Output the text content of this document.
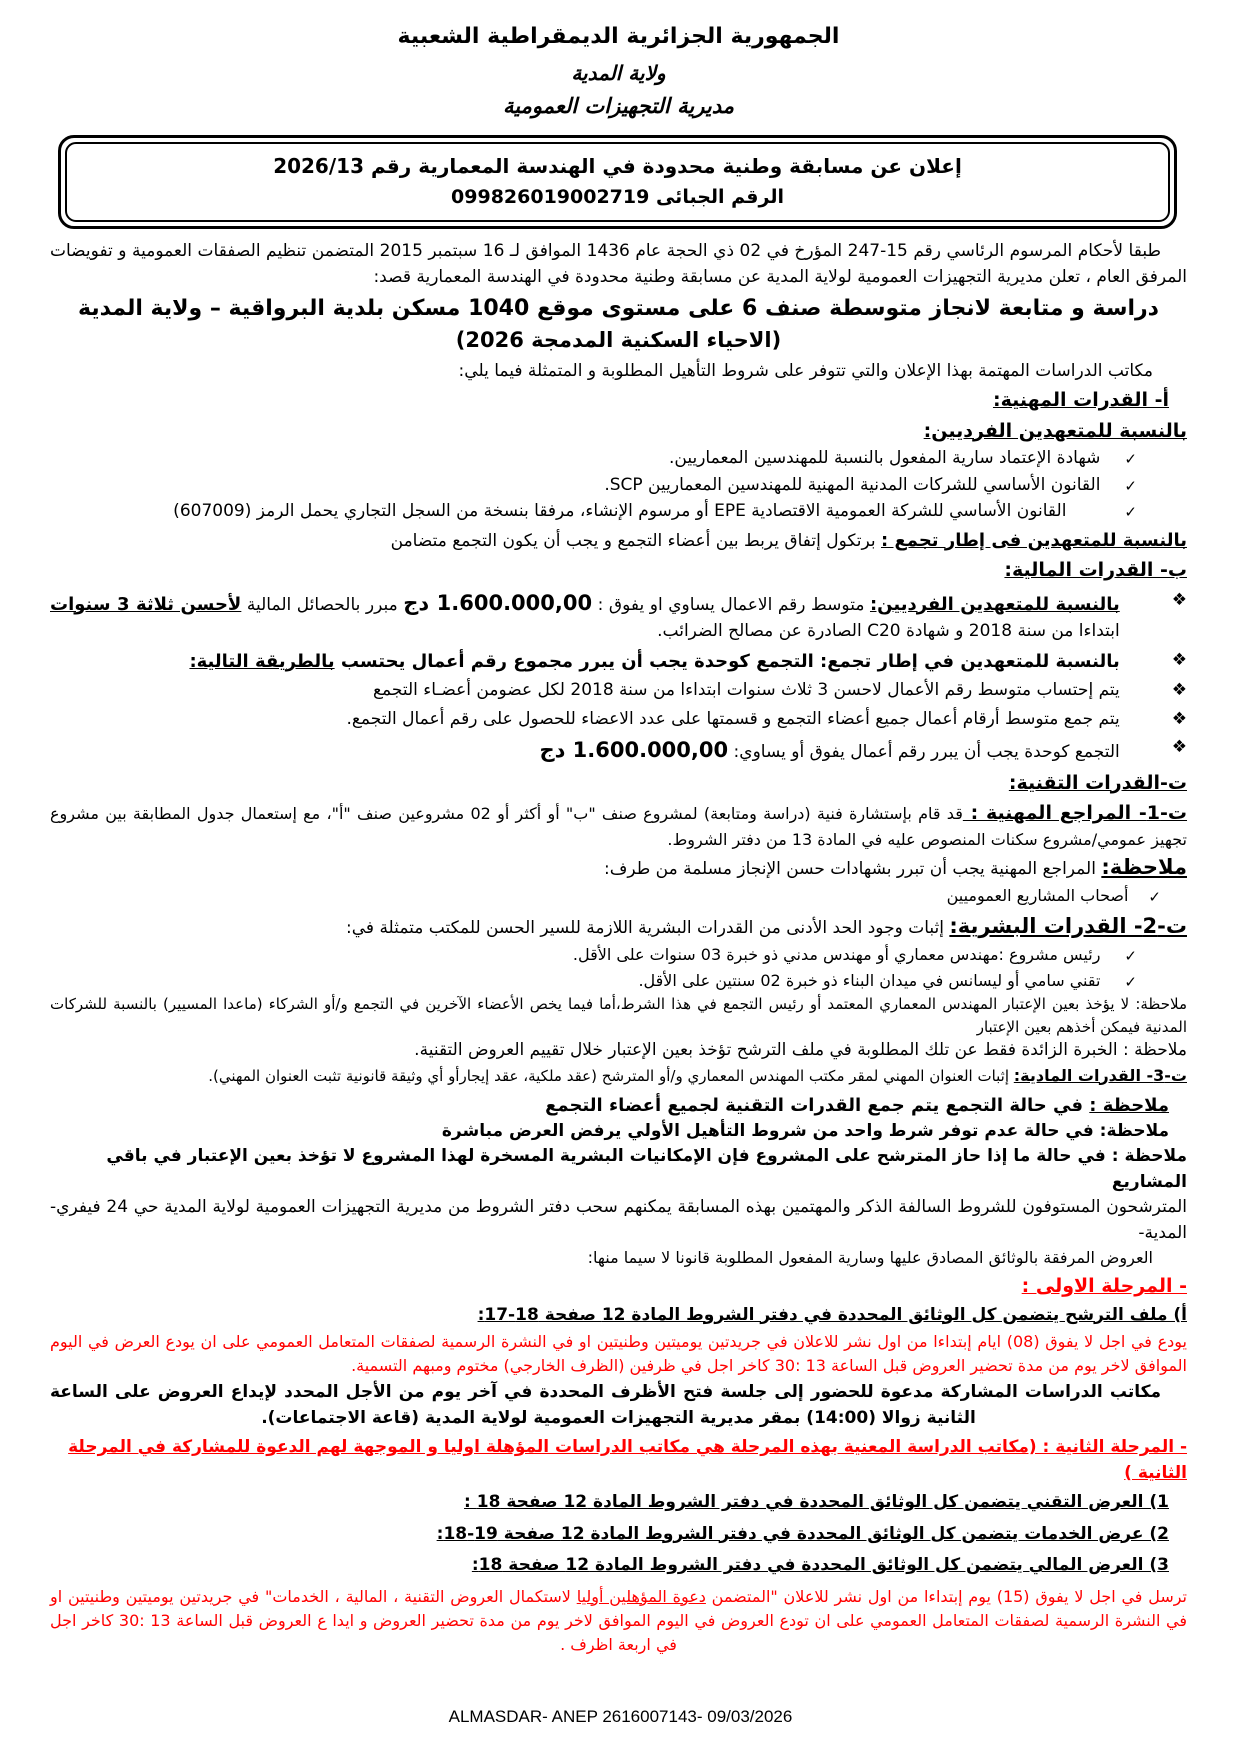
الجمهورية الجزائرية الديمقراطية الشعبية
ولاية المدية
مديرية التجهيزات العمومية
إعلان عن مسابقة وطنية محدودة في الهندسة المعمارية رقم 2026/13
الرقم الجبائى 099826019002719

طبقا لأحكام المرسوم الرئاسي رقم 15-247 المؤرخ في 02 ذي الحجة عام 1436 الموافق لـ 16 سبتمبر 2015 المتضمن تنظيم الصفقات العمومية و تفويضات المرفق العام ، تعلن مديرية التجهيزات العمومية لولاية المدية عن مسابقة وطنية محدودة في الهندسة المعمارية قصد:

دراسة و متابعة لانجاز متوسطة صنف 6 على مستوى موقع 1040 مسكن بلدية البرواقية – ولاية المدية
(الاحياء السكنية المدمجة 2026)

مكاتب الدراسات المهتمة بهذا الإعلان والتي تتوفر على شروط التأهيل المطلوبة و المتمثلة فيما يلي:

أ- القدرات المهنية:
بالنسبة للمتعهدين الفرديين:
✓
شهادة الإعتماد سارية المفعول بالنسبة للمهندسين المعماريين.
✓
القانون الأساسي للشركات المدنية المهنية للمهندسين المعماريين SCP.
✓
القانون الأساسي للشركة العمومية الاقتصادية EPE أو مرسوم الإنشاء، مرفقا بنسخة من السجل التجاري يحمل الرمز (607009)

بالنسبة للمتعهدين فى إطار تجمع : برتكول إتفاق يربط بين أعضاء التجمع و يجب أن يكون التجمع متضامن

ب- القدرات المالية:
❖
بالنسبة للمتعهدين الفرديين: متوسط رقم الاعمال يساوي او يفوق : 1.600.000,00 دج مبرر بالحصائل المالية لأحسن ثلاثة 3 سنوات ابتداءا من سنة 2018 و شهادة C20 الصادرة عن مصالح الضرائب.
❖
بالنسبة للمتعهدين في إطار تجمع: التجمع كوحدة يجب أن يبرر مجموع رقم أعمال يحتسب بالطريقة التالية:
❖
يتم إحتساب متوسط رقم الأعمال لاحسن 3 ثلاث سنوات ابتداءا من سنة 2018 لكل عضومن أعضـاء التجمع
❖
يتم جمع متوسط أرقام أعمال جميع أعضاء التجمع و قسمتها على عدد الاعضاء للحصول على رقم أعمال التجمع.
❖
التجمع كوحدة يجب أن يبرر رقم أعمال يفوق أو يساوي: 1.600.000,00 دج
ت-القدرات التقنية:

ت-1- المراجع المهنية : قد قام بإستشارة فنية (دراسة ومتابعة) لمشروع صنف "ب" أو أكثر أو 02 مشروعين صنف "أ"، مع إستعمال جدول المطابقة بين مشروع تجهيز عمومي/مشروع سكنات المنصوص عليه في المادة 13 من دفتر الشروط.

ملاحظة: المراجع المهنية يجب أن تبرر بشهادات حسن الإنجاز مسلمة من طرف:

✓
أصحاب المشاريع العموميين

ت-2- القدرات البشرية: إثبات وجود الحد الأدنى من القدرات البشرية اللازمة للسير الحسن للمكتب متمثلة في:

✓
رئيس مشروع :مهندس معماري أو مهندس مدني ذو خبرة 03 سنوات على الأقل.
✓
تقني سامي أو ليسانس في ميدان البناء ذو خبرة 02 سنتين على الأقل.

ملاحظة: لا يؤخذ بعين الإعتبار المهندس المعماري المعتمد أو رئيس التجمع في هذا الشرط،أما فيما يخص الأعضاء الآخرين في التجمع و/أو الشركاء (ماعدا المسيير) بالنسبة للشركات المدنية فيمكن أخذهم بعين الإعتبار

ملاحظة : الخبرة الزائدة فقط عن تلك المطلوبة في ملف الترشح تؤخذ بعين الإعتبار خلال تقييم العروض التقنية.

ت-3- القدرات المادية: إثبات العنوان المهني لمقر مكتب المهندس المعماري و/أو المترشح (عقد ملكية، عقد إيجارأو أي وثيقة قانونية تثبت العنوان المهني).

ملاحظة : في حالة التجمع يتم جمع القدرات التقنية لجميع أعضاء التجمع

ملاحظة: في حالة عدم توفر شرط واحد من شروط التأهيل الأولي يرفض العرض مباشرة

ملاحظة : في حالة ما إذا حاز المترشح على المشروع فإن الإمكانيات البشرية المسخرة لهذا المشروع لا تؤخذ بعين الإعتبار في باقي المشاريع

المترشحون المستوفون للشروط السالفة الذكر والمهتمين بهذه المسابقة يمكنهم سحب دفتر الشروط من مديرية التجهيزات العمومية لولاية المدية حي 24 فيفري-المدية-

العروض المرفقة بالوثائق المصادق عليها وسارية المفعول المطلوبة قانونا لا سيما منها:

- المرحلة الاولى :
أ) ملف الترشح يتضمن كل الوثائق المحددة في دفتر الشروط المادة 12 صفحة 18-17:

يودع في اجل لا يفوق (08) ايام إبتداءا من اول نشر للاعلان في جريدتين يوميتين وطنيتين او في النشرة الرسمية لصفقات المتعامل العمومي على ان يودع العرض في اليوم الموافق لاخر يوم من مدة تحضير العروض قبل الساعة ‪30: 13‬ كاخر اجل في ظرفين (الظرف الخارجي) مختوم ومبهم التسمية.

مكاتب الدراسات المشاركة مدعوة للحضور إلى جلسة فتح الأظرف المحددة في آخر يوم من الأجل المحدد لإيداع العروض على الساعة الثانية زوالا (14:00) بمقر مديرية التجهيزات العمومية لولاية المدية (قاعة الاجتماعات).

- المرحلة الثانية : (مكاتب الدراسة المعنية بهذه المرحلة هي مكاتب الدراسات المؤهلة اوليا و الموجهة لهم الدعوة للمشاركة في المرحلة الثانية )
1) العرض التقني يتضمن كل الوثائق المحددة في دفتر الشروط المادة 12 صفحة 18 :
2) عرض الخدمات يتضمن كل الوثائق المحددة في دفتر الشروط المادة 12 صفحة 19-18:
3) العرض المالي يتضمن كل الوثائق المحددة في دفتر الشروط المادة 12 صفحة 18:

ترسل في اجل لا يفوق (15) يوم إبتداءا من اول نشر للاعلان "المتضمن دعوة المؤهلين أوليا لاستكمال العروض التقنية ، المالية ، الخدمات" في جريدتين يوميتين وطنيتين او في النشرة الرسمية لصفقات المتعامل العمومي على ان تودع العروض في اليوم الموافق لاخر يوم من مدة تحضير العروض و ايدا ع العروض قبل الساعة ‪30: 13‬ كاخر اجل في اربعة اظرف .

ALMASDAR- ANEP 2616007143- 09/03/2026
